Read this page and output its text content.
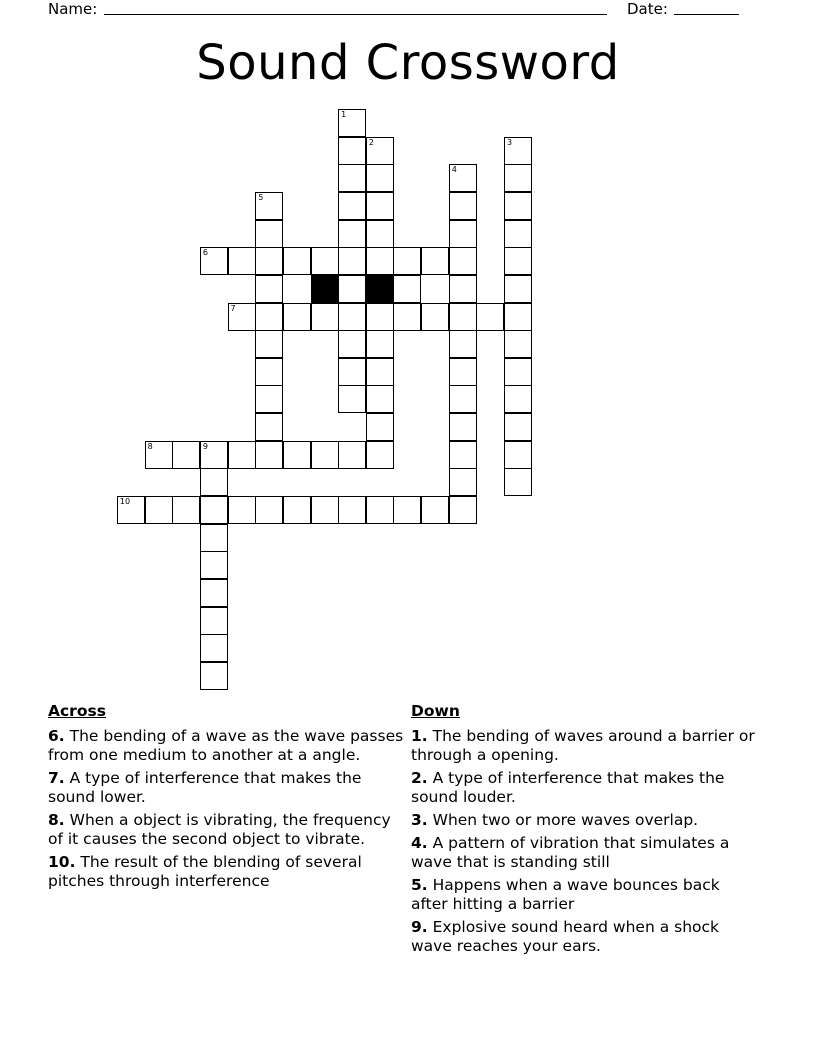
Name:	Date:
Sound Crossword
1
2	3
4
5
6
7
8	9
10
Across
6. The bending of a wave as the wave passes from one medium to another at a angle.
7. A type of interference that makes the sound lower.
8. When a object is vibrating, the frequency of it causes the second object to vibrate.
10. The result of the blending of several pitches through interference
Down
1. The bending of waves around a barrier or through a opening.
2. A type of interference that makes the sound louder.
3. When two or more waves overlap.
4. A pattern of vibration that simulates a wave that is standing still
5. Happens when a wave bounces back after hitting a barrier
9. Explosive sound heard when a shock wave reaches your ears.
